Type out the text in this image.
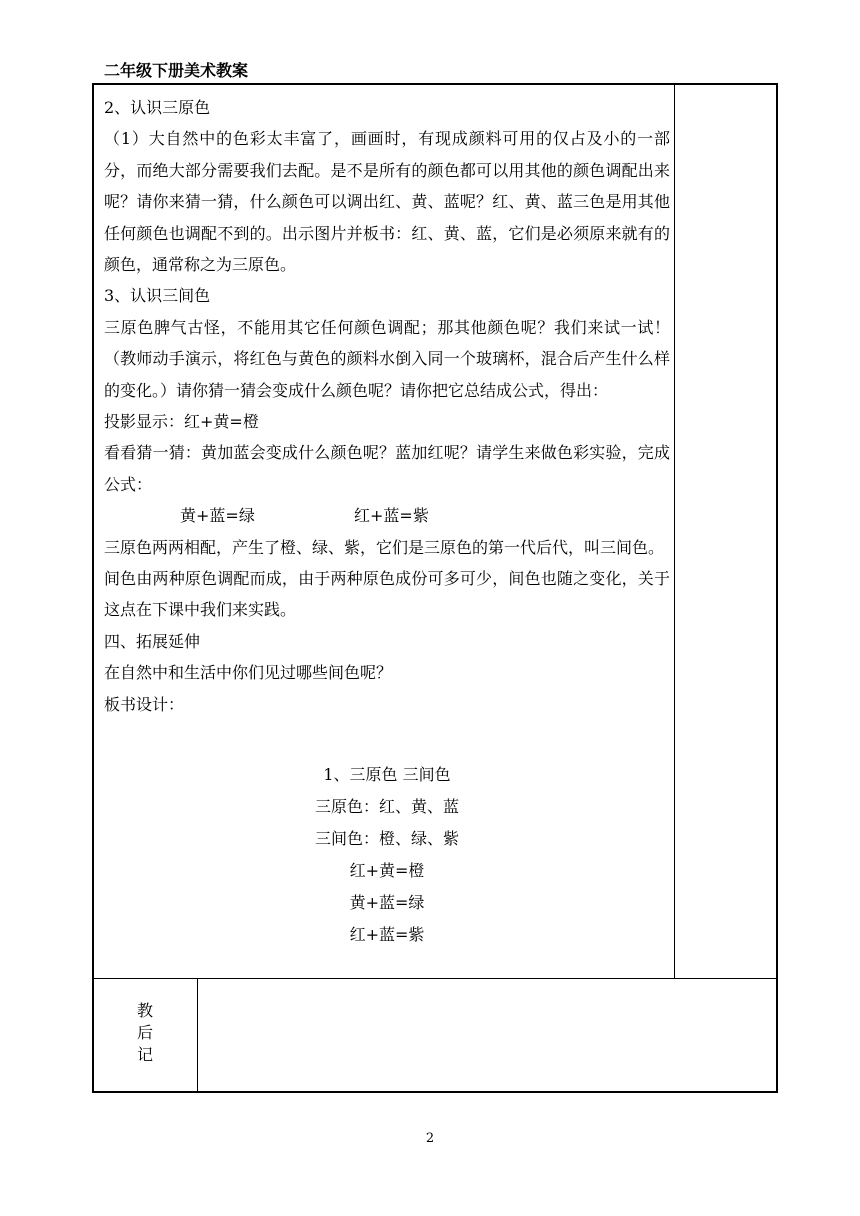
二年级下册美术教案

2、认识三原色

（1）大自然中的色彩太丰富了，画画时，有现成颜料可用的仅占及小的一部分，而绝大部分需要我们去配。是不是所有的颜色都可以用其他的颜色调配出来呢？请你来猜一猜，什么颜色可以调出红、黄、蓝呢？红、黄、蓝三色是用其他任何颜色也调配不到的。出示图片并板书：红、黄、蓝，它们是必须原来就有的颜色，通常称之为三原色。

3、认识三间色

三原色脾气古怪，不能用其它任何颜色调配；那其他颜色呢？我们来试一试！（教师动手演示，将红色与黄色的颜料水倒入同一个玻璃杯，混合后产生什么样的变化。）请你猜一猜会变成什么颜色呢？请你把它总结成公式，得出：

投影显示：红+黄=橙

看看猜一猜：黄加蓝会变成什么颜色呢？蓝加红呢？请学生来做色彩实验，完成公式：

黄+蓝=绿	红+蓝=紫

三原色两两相配，产生了橙、绿、紫，它们是三原色的第一代后代，叫三间色。

间色由两种原色调配而成，由于两种原色成份可多可少，间色也随之变化，关于这点在下课中我们来实践。

四、拓展延伸

在自然中和生活中你们见过哪些间色呢？

板书设计：

1、三原色 三间色

三原色：红、黄、蓝

三间色：橙、绿、紫

红+黄=橙

黄+蓝=绿

红+蓝=紫

教
后
记
2
